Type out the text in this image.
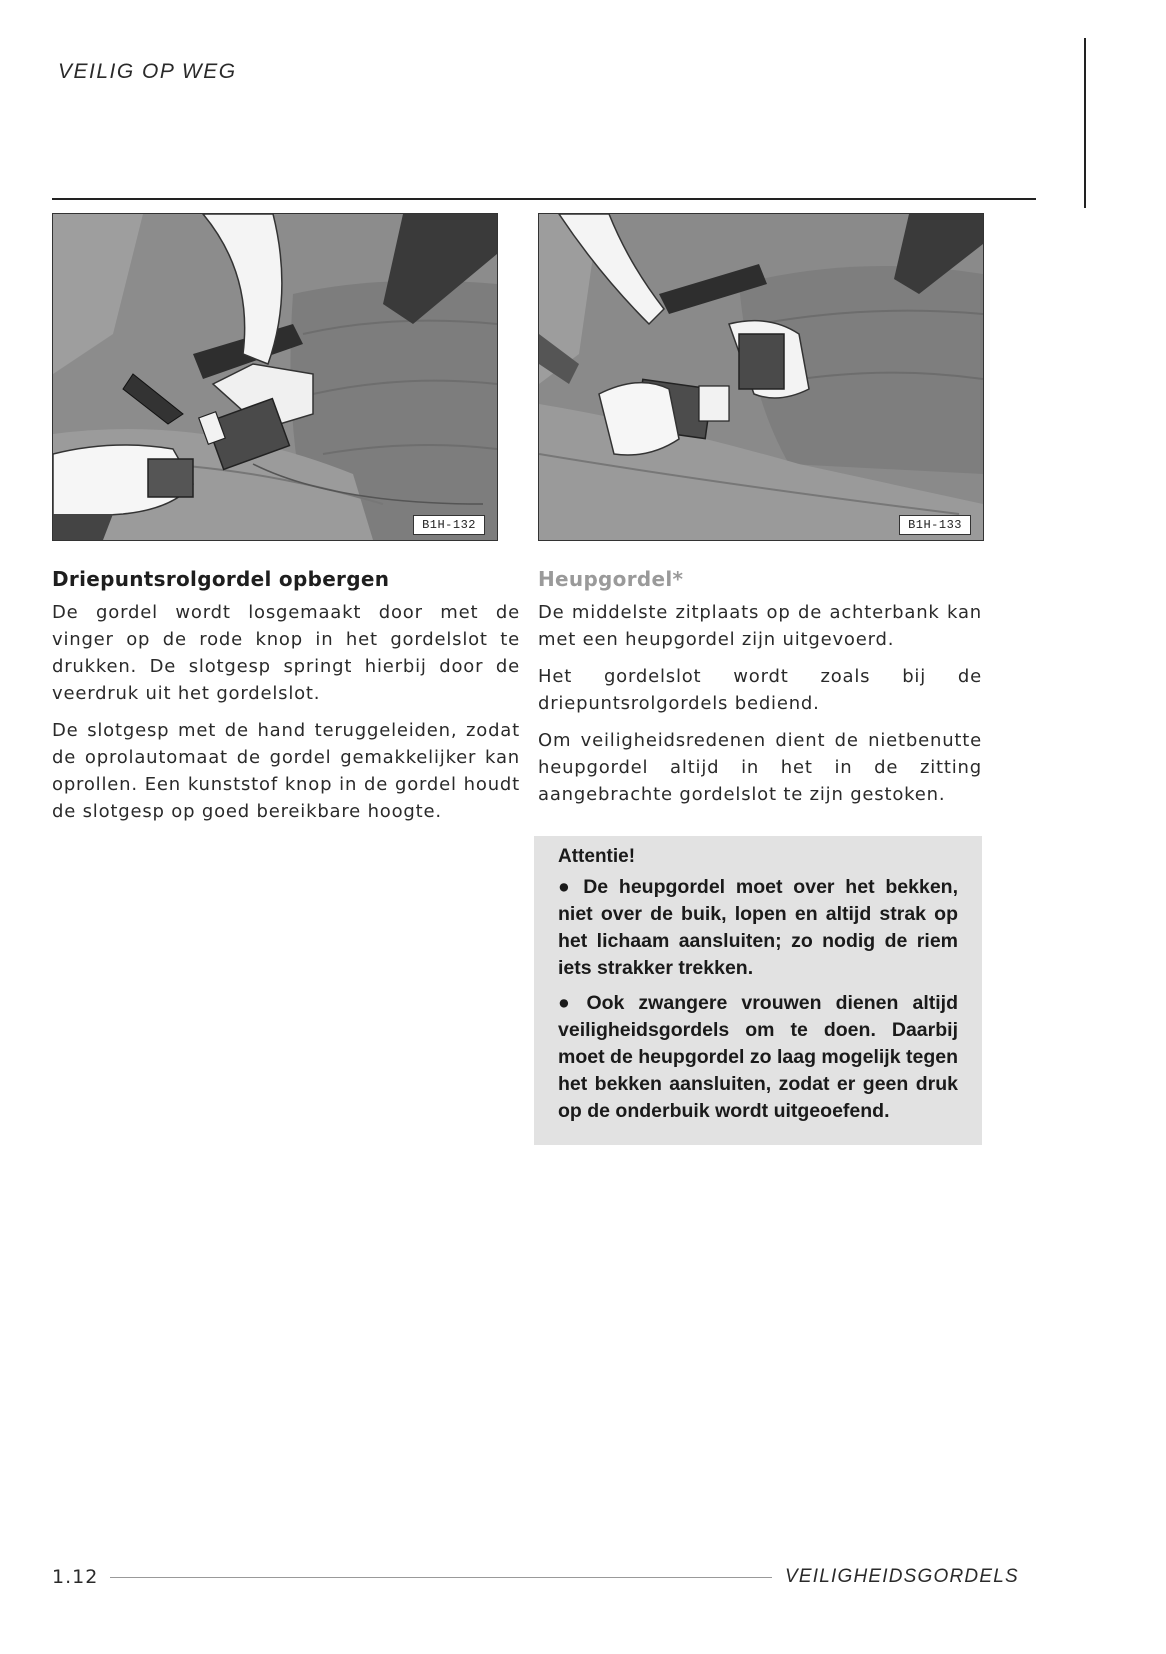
VEILIG OP WEG
B1H-132	B1H-133
Driepuntsrolgordel opbergen

De gordel wordt losgemaakt door met de vinger op de rode knop in het gordelslot te drukken. De slotgesp springt hierbij door de veerdruk uit het gordelslot.

De slotgesp met de hand teruggeleiden, zodat de oprolautomaat de gordel gemakkelijker kan oprollen. Een kunststof knop in de gordel houdt de slotgesp op goed bereikbare hoogte.

Heupgordel*

De middelste zitplaats op de achterbank kan met een heupgordel zijn uitgevoerd.

Het gordelslot wordt zoals bij de driepuntsrolgordels bediend.

Om veiligheidsredenen dient de nietbenutte heupgordel altijd in het in de zitting aangebrachte gordelslot te zijn gestoken.

Attentie!

● De heupgordel moet over het bekken, niet over de buik, lopen en altijd strak op het lichaam aansluiten; zo nodig de riem iets strakker trekken.

● Ook zwangere vrouwen dienen altijd veiligheidsgordels om te doen. Daarbij moet de heupgordel zo laag mogelijk tegen het bekken aansluiten, zodat er geen druk op de onderbuik wordt uitgeoefend.

1.12	VEILIGHEIDSGORDELS
